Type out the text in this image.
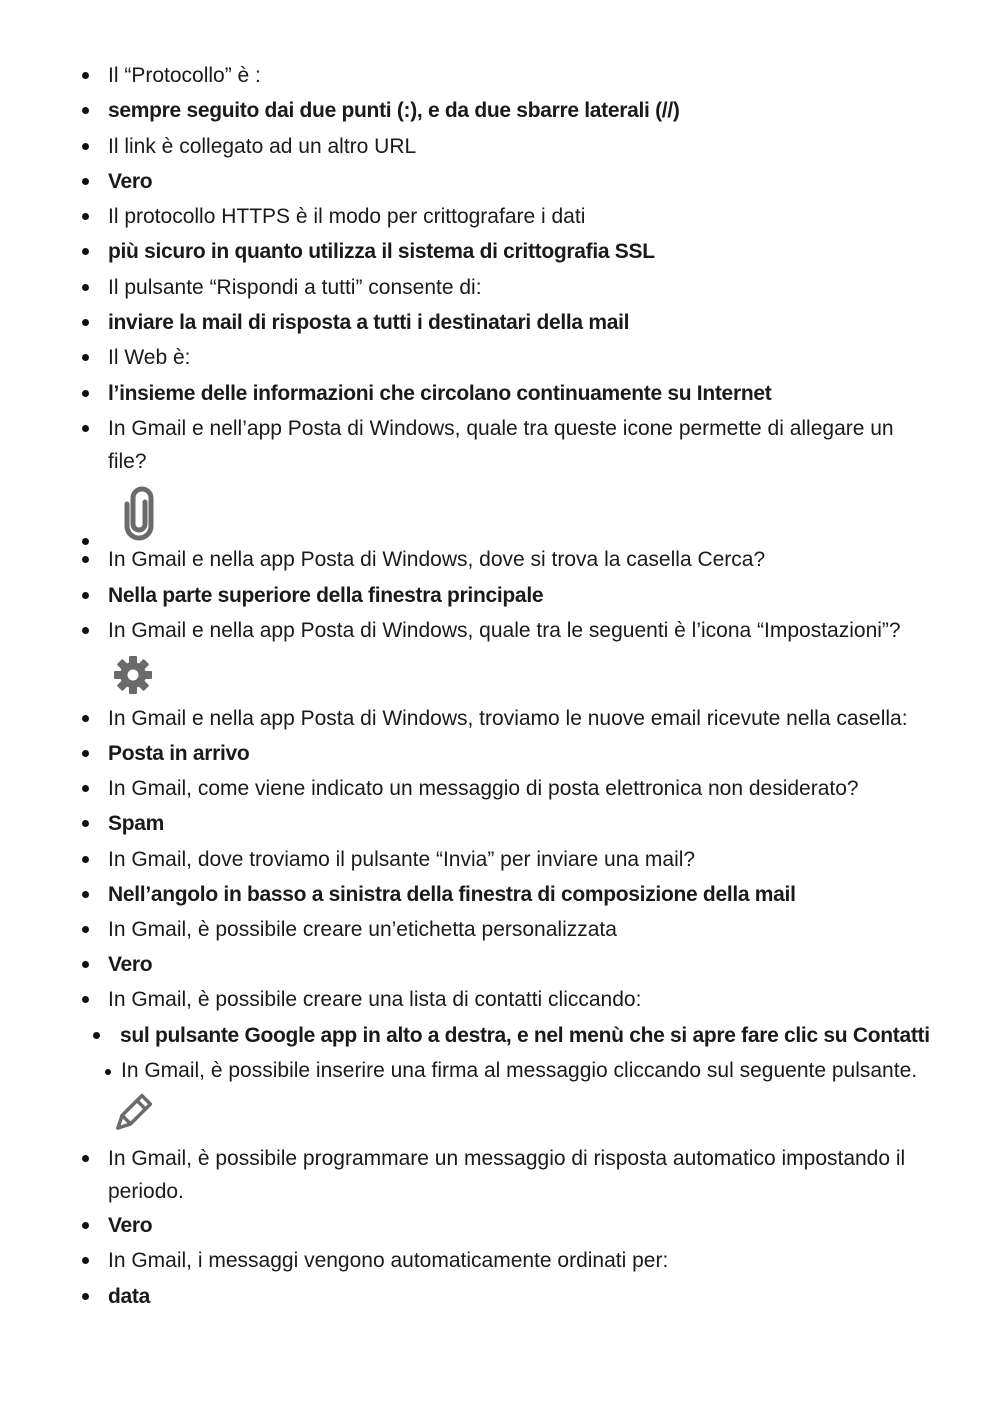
Il “Protocollo” è :
sempre seguito dai due punti (:), e da due sbarre laterali (//)
Il link è collegato ad un altro URL
Vero
Il protocollo HTTPS è il modo per crittografare i dati
più sicuro in quanto utilizza il sistema di crittografia SSL
Il pulsante “Rispondi a tutti” consente di:
inviare la mail di risposta a tutti i destinatari della mail
Il Web è:
l’insieme delle informazioni che circolano continuamente su Internet
In Gmail e nell’app Posta di Windows, quale tra queste icone permette di allegare un file?
In Gmail e nella app Posta di Windows, dove si trova la casella Cerca?
Nella parte superiore della finestra principale
In Gmail e nella app Posta di Windows, quale tra le seguenti è l’icona “Impostazioni”?
In Gmail e nella app Posta di Windows, troviamo le nuove email ricevute nella casella:
Posta in arrivo
In Gmail, come viene indicato un messaggio di posta elettronica non desiderato?
Spam
In Gmail, dove troviamo il pulsante “Invia” per inviare una mail?
Nell’angolo in basso a sinistra della finestra di composizione della mail
In Gmail, è possibile creare un’etichetta personalizzata
Vero
In Gmail, è possibile creare una lista di contatti cliccando:
sul pulsante Google app in alto a destra, e nel menù che si apre fare clic su Contatti
In Gmail, è possibile inserire una firma al messaggio cliccando sul seguente pulsante.
In Gmail, è possibile programmare un messaggio di risposta automatico impostando il periodo.
Vero
In Gmail, i messaggi vengono automaticamente ordinati per:
data
